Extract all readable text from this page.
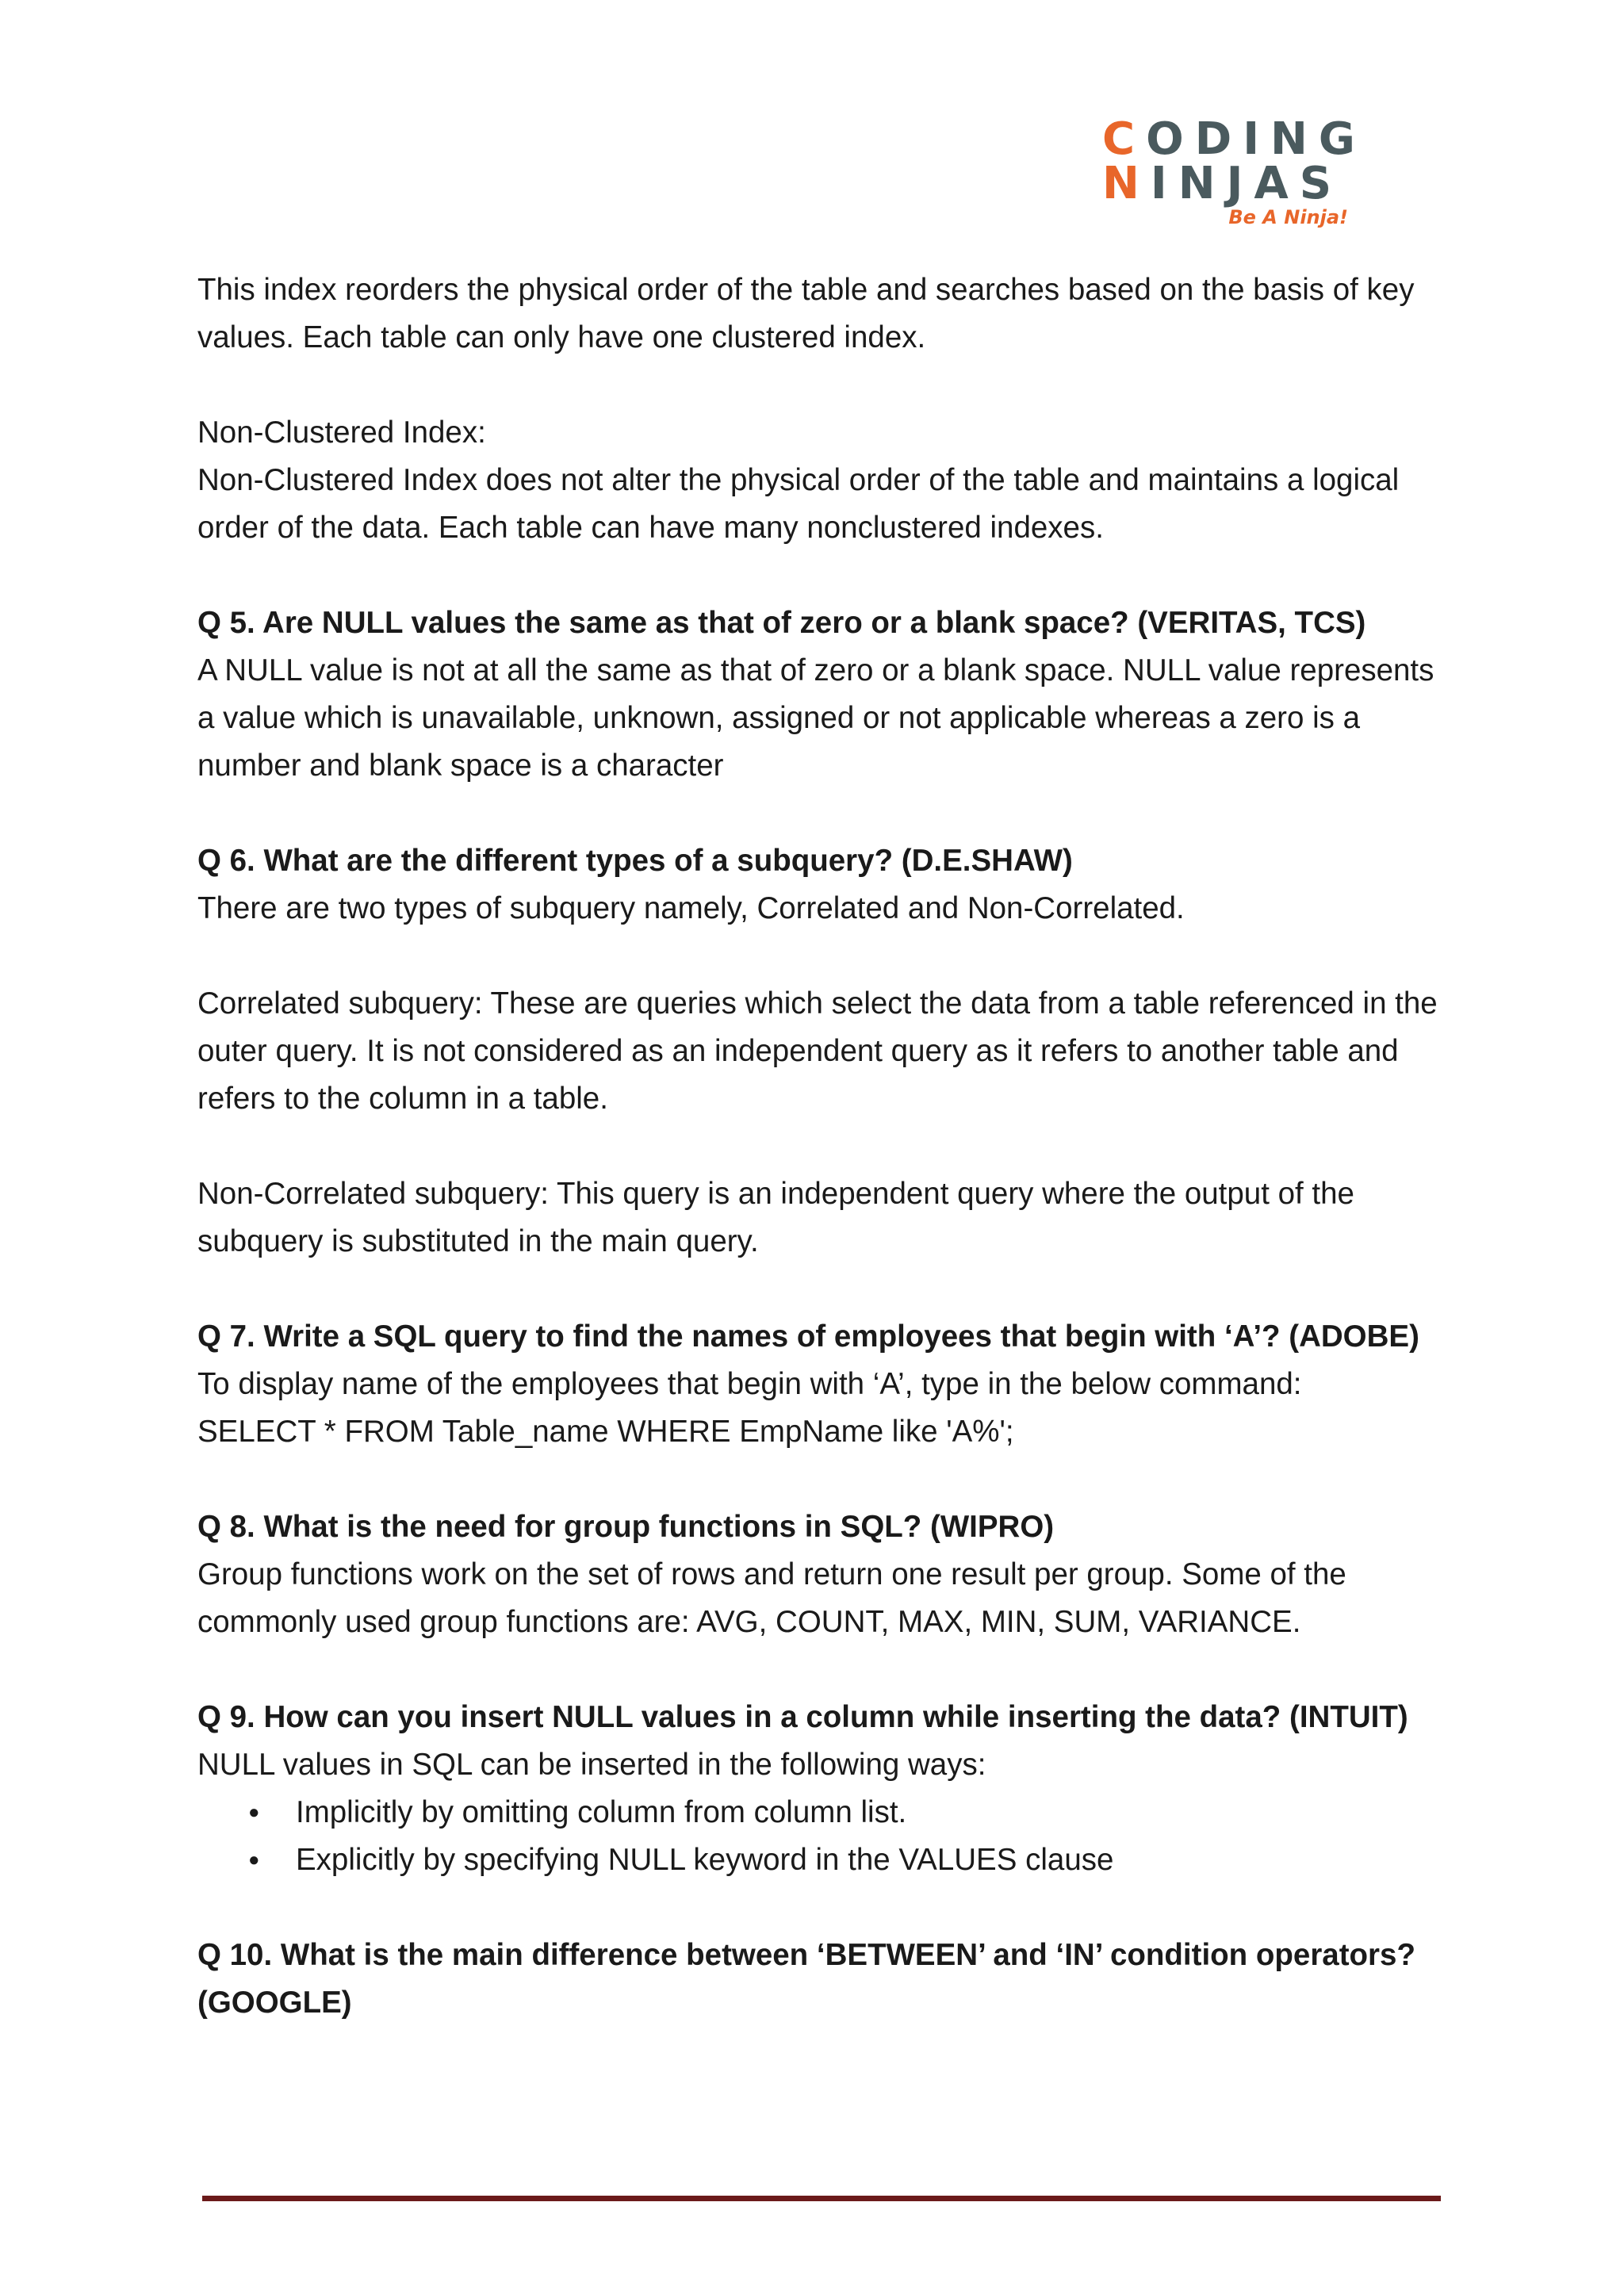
CODING
NINJAS
Be A Ninja!

This index reorders the physical order of the table and searches based on the basis of key values. Each table can only have one clustered index.

Non-Clustered Index:

Non-Clustered Index does not alter the physical order of the table and maintains a logical order of the data. Each table can have many nonclustered indexes.

Q 5. Are NULL values the same as that of zero or a blank space? (VERITAS, TCS)

A NULL value is not at all the same as that of zero or a blank space. NULL value represents a value which is unavailable, unknown, assigned or not applicable whereas a zero is a number and blank space is a character

Q 6. What are the different types of a subquery? (D.E.SHAW)

There are two types of subquery namely, Correlated and Non-Correlated.

Correlated subquery: These are queries which select the data from a table referenced in the outer query. It is not considered as an independent query as it refers to another table and refers to the column in a table.

Non-Correlated subquery: This query is an independent query where the output of the subquery is substituted in the main query.

Q 7. Write a SQL query to find the names of employees that begin with ‘A’? (ADOBE)

To display name of the employees that begin with ‘A’, type in the below command:

SELECT * FROM Table_name WHERE EmpName like 'A%';

Q 8. What is the need for group functions in SQL? (WIPRO)

Group functions work on the set of rows and return one result per group. Some of the commonly used group functions are: AVG, COUNT, MAX, MIN, SUM, VARIANCE.

Q 9. How can you insert NULL values in a column while inserting the data? (INTUIT)

NULL values in SQL can be inserted in the following ways:

● Implicitly by omitting column from column list.
● Explicitly by specifying NULL keyword in the VALUES clause

Q 10. What is the main difference between ‘BETWEEN’ and ‘IN’ condition operators? (GOOGLE)
